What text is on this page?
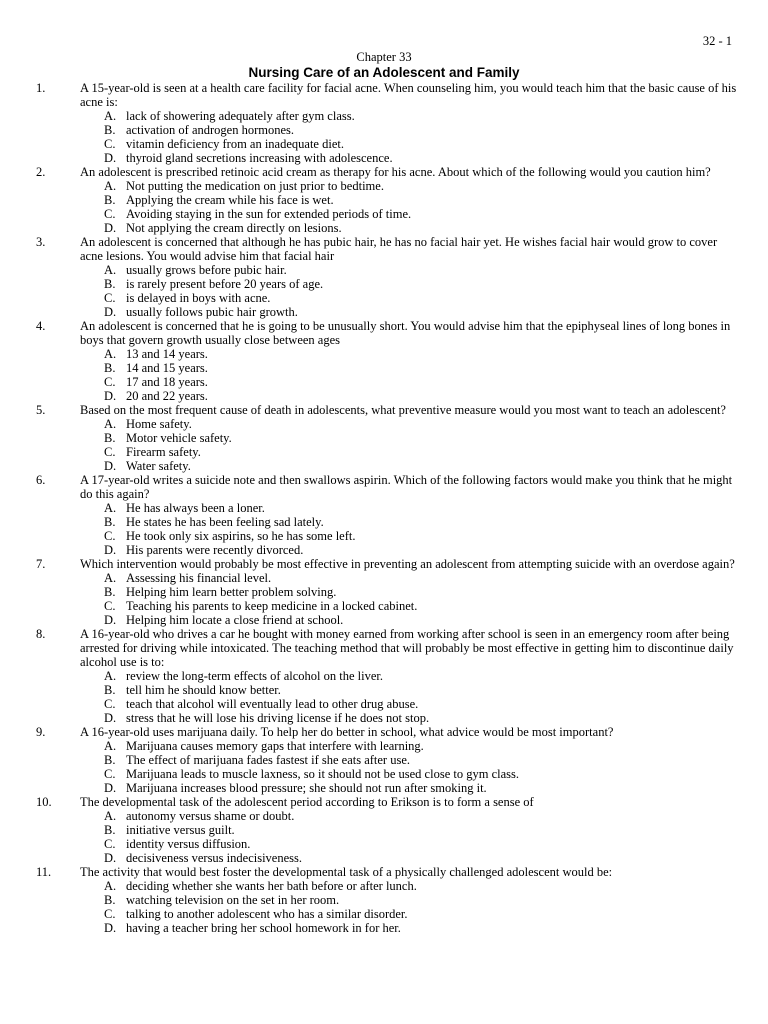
32 - 1
Chapter 33
Nursing Care of an Adolescent and Family
1.	A 15-year-old is seen at a health care facility for facial acne. When counseling him, you would teach him that the basic cause of his acne is:
A. lack of showering adequately after gym class.
B. activation of androgen hormones.
C. vitamin deficiency from an inadequate diet.
D. thyroid gland secretions increasing with adolescence.
2.	An adolescent is prescribed retinoic acid cream as therapy for his acne. About which of the following would you caution him?
A. Not putting the medication on just prior to bedtime.
B. Applying the cream while his face is wet.
C. Avoiding staying in the sun for extended periods of time.
D. Not applying the cream directly on lesions.
3.	An adolescent is concerned that although he has pubic hair, he has no facial hair yet. He wishes facial hair would grow to cover acne lesions. You would advise him that facial hair
A. usually grows before pubic hair.
B. is rarely present before 20 years of age.
C. is delayed in boys with acne.
D. usually follows pubic hair growth.
4.	An adolescent is concerned that he is going to be unusually short. You would advise him that the epiphyseal lines of long bones in boys that govern growth usually close between ages
A. 13 and 14 years.
B. 14 and 15 years.
C. 17 and 18 years.
D. 20 and 22 years.
5.	Based on the most frequent cause of death in adolescents, what preventive measure would you most want to teach an adolescent?
A. Home safety.
B. Motor vehicle safety.
C. Firearm safety.
D. Water safety.
6.	A 17-year-old writes a suicide note and then swallows aspirin. Which of the following factors would make you think that he might do this again?
A. He has always been a loner.
B. He states he has been feeling sad lately.
C. He took only six aspirins, so he has some left.
D. His parents were recently divorced.
7.	Which intervention would probably be most effective in preventing an adolescent from attempting suicide with an overdose again?
A. Assessing his financial level.
B. Helping him learn better problem solving.
C. Teaching his parents to keep medicine in a locked cabinet.
D. Helping him locate a close friend at school.
8.	A 16-year-old who drives a car he bought with money earned from working after school is seen in an emergency room after being arrested for driving while intoxicated. The teaching method that will probably be most effective in getting him to discontinue daily alcohol use is to:
A. review the long-term effects of alcohol on the liver.
B. tell him he should know better.
C. teach that alcohol will eventually lead to other drug abuse.
D. stress that he will lose his driving license if he does not stop.
9.	A 16-year-old uses marijuana daily. To help her do better in school, what advice would be most important?
A. Marijuana causes memory gaps that interfere with learning.
B. The effect of marijuana fades fastest if she eats after use.
C. Marijuana leads to muscle laxness, so it should not be used close to gym class.
D. Marijuana increases blood pressure; she should not run after smoking it.
10. The developmental task of the adolescent period according to Erikson is to form a sense of
A. autonomy versus shame or doubt.
B. initiative versus guilt.
C. identity versus diffusion.
D. decisiveness versus indecisiveness.
11. The activity that would best foster the developmental task of a physically challenged adolescent would be:
A. deciding whether she wants her bath before or after lunch.
B. watching television on the set in her room.
C. talking to another adolescent who has a similar disorder.
D. having a teacher bring her school homework in for her.
